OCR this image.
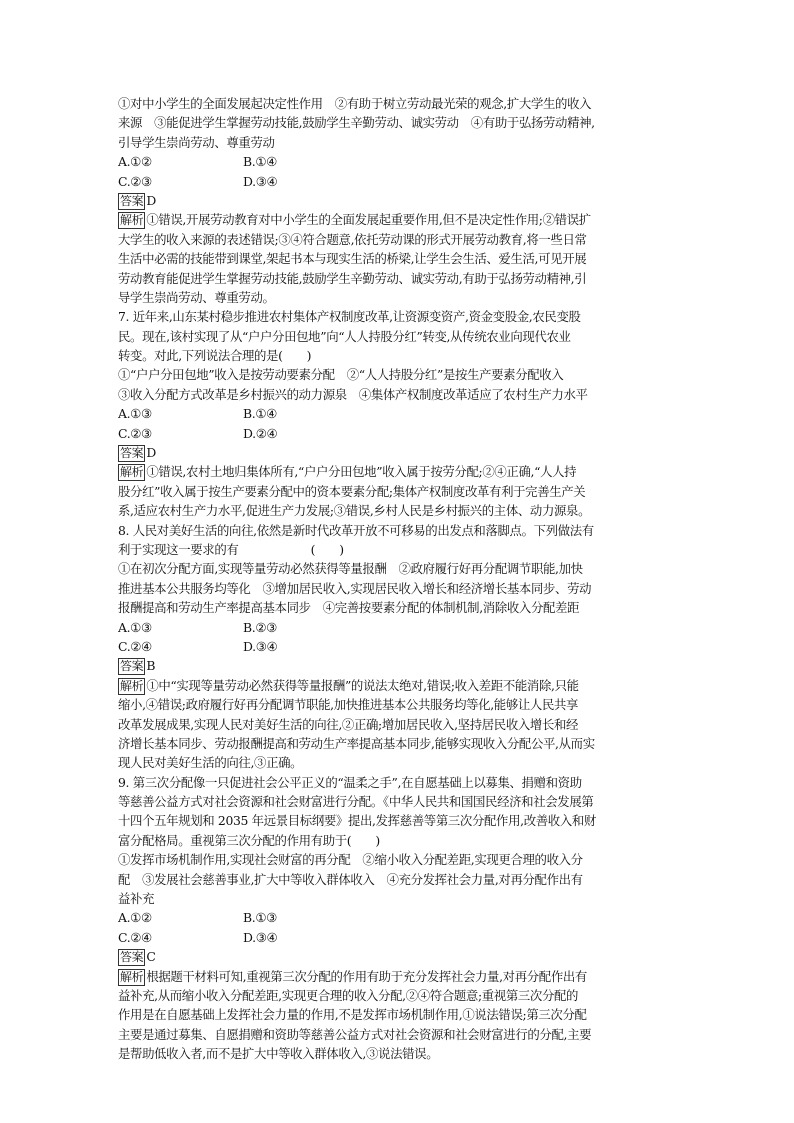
①对中小学生的全面发展起决定性作用　②有助于树立劳动最光荣的观念,扩大学生的收入
来源　③能促进学生掌握劳动技能,鼓励学生辛勤劳动、诚实劳动　④有助于弘扬劳动精神,
引导学生崇尚劳动、尊重劳动
A.①②	B.①④
C.②③	D.③④
答案 D
解析 ①错误,开展劳动教育对中小学生的全面发展起重要作用,但不是决定性作用;②错误扩
大学生的收入来源的表述错误;③④符合题意,依托劳动课的形式开展劳动教育,将一些日常
生活中必需的技能带到课堂,架起书本与现实生活的桥梁,让学生会生活、爱生活,可见开展
劳动教育能促进学生掌握劳动技能,鼓励学生辛勤劳动、诚实劳动,有助于弘扬劳动精神,引
导学生崇尚劳动、尊重劳动。
7. 近年来,山东某村稳步推进农村集体产权制度改革,让资源变资产,资金变股金,农民变股
民。现在,该村实现了从“户户分田包地”向“人人持股分红”转变,从传统农业向现代农业
转变。对此,下列说法合理的是(　　)
①“户户分田包地”收入是按劳动要素分配　②“人人持股分红”是按生产要素分配收入
③收入分配方式改革是乡村振兴的动力源泉　④集体产权制度改革适应了农村生产力水平
A.①③	B.①④
C.②③	D.②④
答案 D
解析 ①错误,农村土地归集体所有,“户户分田包地”收入属于按劳分配;②④正确,“人人持
股分红”收入属于按生产要素分配中的资本要素分配;集体产权制度改革有利于完善生产关
系,适应农村生产力水平,促进生产力发展;③错误,乡村人民是乡村振兴的主体、动力源泉。
8. 人民对美好生活的向往,依然是新时代改革开放不可移易的出发点和落脚点。下列做法有
利于实现这一要求的有　　　　　　(　　)
①在初次分配方面,实现等量劳动必然获得等量报酬　②政府履行好再分配调节职能,加快
推进基本公共服务均等化　③增加居民收入,实现居民收入增长和经济增长基本同步、劳动
报酬提高和劳动生产率提高基本同步　④完善按要素分配的体制机制,消除收入分配差距
A.①③	B.②③
C.②④	D.③④
答案 B
解析 ①中“实现等量劳动必然获得等量报酬”的说法太绝对,错误;收入差距不能消除,只能
缩小,④错误;政府履行好再分配调节职能,加快推进基本公共服务均等化,能够让人民共享
改革发展成果,实现人民对美好生活的向往,②正确;增加居民收入,坚持居民收入增长和经
济增长基本同步、劳动报酬提高和劳动生产率提高基本同步,能够实现收入分配公平,从而实
现人民对美好生活的向往,③正确。
9. 第三次分配像一只促进社会公平正义的“温柔之手”,在自愿基础上以募集、捐赠和资助
等慈善公益方式对社会资源和社会财富进行分配。《中华人民共和国国民经济和社会发展第
十四个五年规划和 2035 年远景目标纲要》提出,发挥慈善等第三次分配作用,改善收入和财
富分配格局。重视第三次分配的作用有助于(　　)
①发挥市场机制作用,实现社会财富的再分配　②缩小收入分配差距,实现更合理的收入分
配　③发展社会慈善事业,扩大中等收入群体收入　④充分发挥社会力量,对再分配作出有
益补充
A.①②	B.①③
C.②④	D.③④
答案 C
解析 根据题干材料可知,重视第三次分配的作用有助于充分发挥社会力量,对再分配作出有
益补充,从而缩小收入分配差距,实现更合理的收入分配,②④符合题意;重视第三次分配的
作用是在自愿基础上发挥社会力量的作用,不是发挥市场机制作用,①说法错误;第三次分配
主要是通过募集、自愿捐赠和资助等慈善公益方式对社会资源和社会财富进行的分配,主要
是帮助低收入者,而不是扩大中等收入群体收入,③说法错误。
